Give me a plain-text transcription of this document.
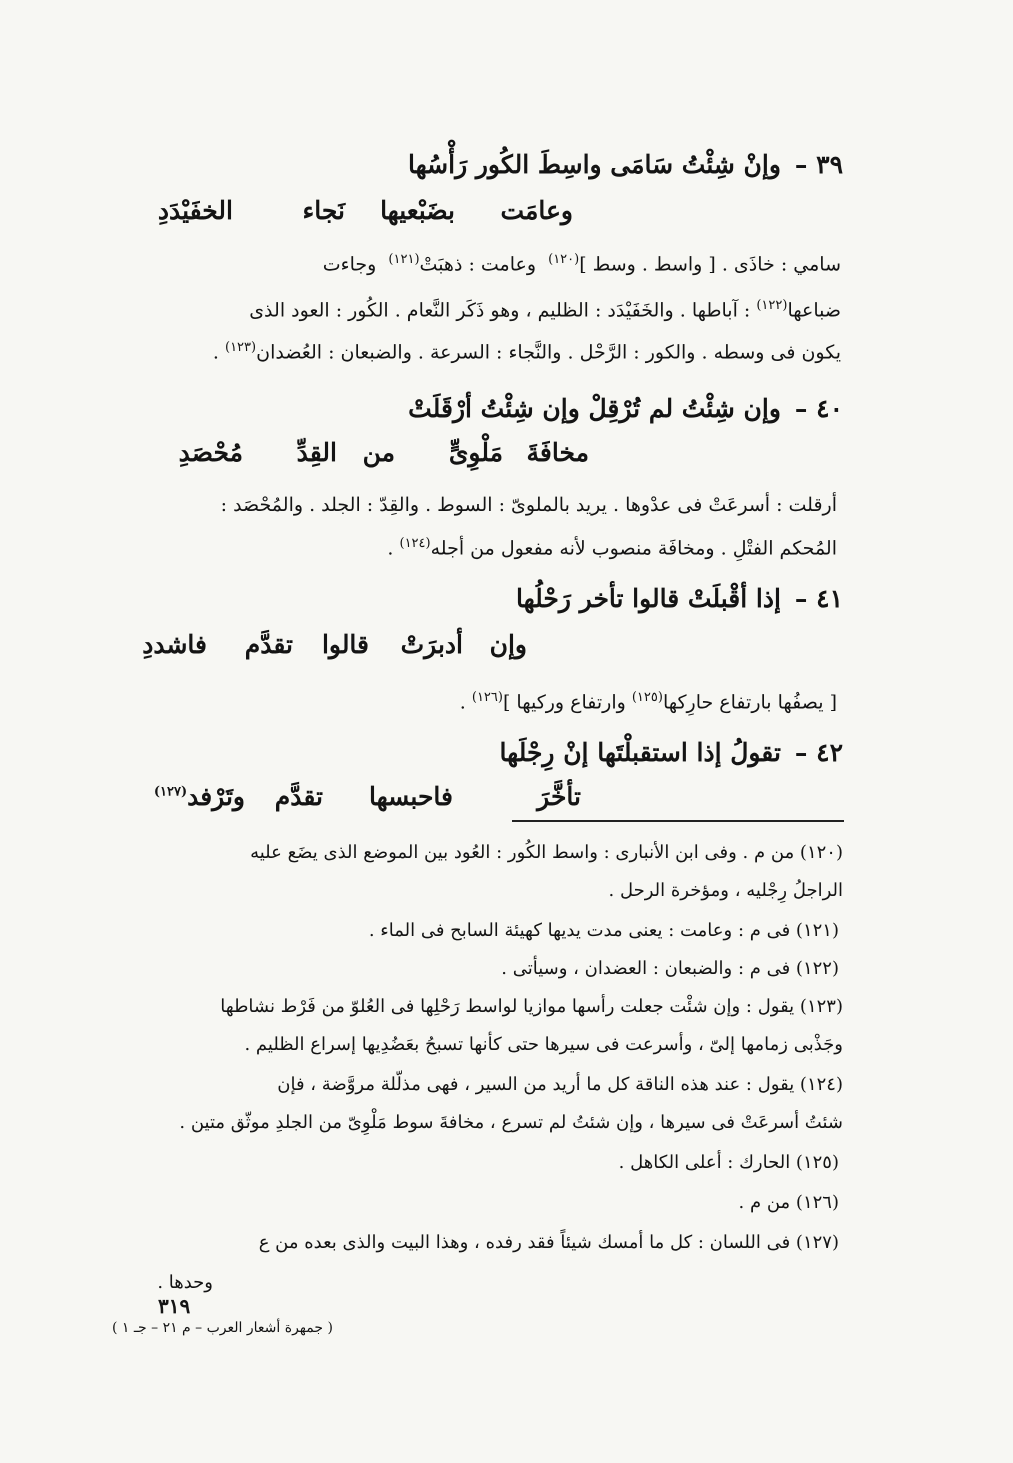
٣٩ –وإنْ شِئْتُ سَامَى واسِطَ الكُور رَأْسُها
وعامَت
بضَبْعيها
نَجاء
الخفَيْدَدِ
سامي : خاذَى . [ واسط . وسط ]$^{(١٢٠)}$  وعامت : ذهبَتْ$^{(١٢١)}$  وجاءت
ضباعها$^{(١٢٢)}$ : آباطها . والخَفَيْدَد : الظليم ، وهو ذَكَر النَّعام . الكُور : العود الذى
يكون فى وسطه . والكور : الرَّحْل . والنَّجاء : السرعة . والضبعان : العُضدان$^{(١٢٣)}$ .
٤٠ –وإن شِئْتُ لم تُرْقِلْ وإن شِئْتُ أرْقَلَتْ
مخافَةَ
مَلْوِىٍّ
من
القِدِّ
مُحْصَدِ
أرقلت : أسرعَتْ فى عدْوها . يريد بالملوىّ : السوط . والقِدّ : الجلد . والمُحْصَد :
المُحكم الفتْلِ . ومخافَة منصوب لأنه مفعول من أجله$^{(١٢٤)}$ .
٤١ –إذا أقْبلَتْ قالوا تأخر رَحْلُها
وإن
أدبرَتْ
قالوا
تقدَّم
فاشددِ
[ يصفُها بارتفاع حارِكها$^{(١٢٥)}$ وارتفاع وركيها ]$^{(١٢٦)}$ .
٤٢ –تقولُ إذا استقبلْتَها إنْ رِجْلَها
تأخَّرَ
فاحبسها
تقدَّم
وتَرْفد$^{(١٢٧)}$
(١٢٠) من م . وفى ابن الأنبارى : واسط الكُور : العُود بين الموضع الذى يضَع عليه
الراجلُ رِجْليه ، ومؤخرة الرحل .
(١٢١) فى م : وعامت : يعنى مدت يديها كهيئة السابح فى الماء .
(١٢٢) فى م : والضبعان : العضدان ، وسيأتى .
(١٢٣) يقول : وإن شئْت جعلت رأسها موازيا لواسط رَحْلِها فى العُلوّ من فَرْط نشاطها
وجَذْبى زمامها إلىّ ، وأسرعت فى سيرها حتى كأنها تسبحُ بعَضُدِيها إسراع الظليم .
(١٢٤) يقول : عند هذه الناقة كل ما أريد من السير ، فهى مذلّلة مروَّضة ، فإن
شئتُ أسرعَتْ فى سيرها ، وإن شئتُ لم تسرع ، مخافةَ سوط مَلْوِىّ من الجلدِ موثّق متين .
(١٢٥) الحارك : أعلى الكاهل .
(١٢٦) من م .
(١٢٧) فى اللسان : كل ما أمسك شيئاً فقد رفده ، وهذا البيت والذى بعده من ع
وحدها .
٣١٩
( جمهرة أشعار العرب – م ٢١ – جـ ١ )
